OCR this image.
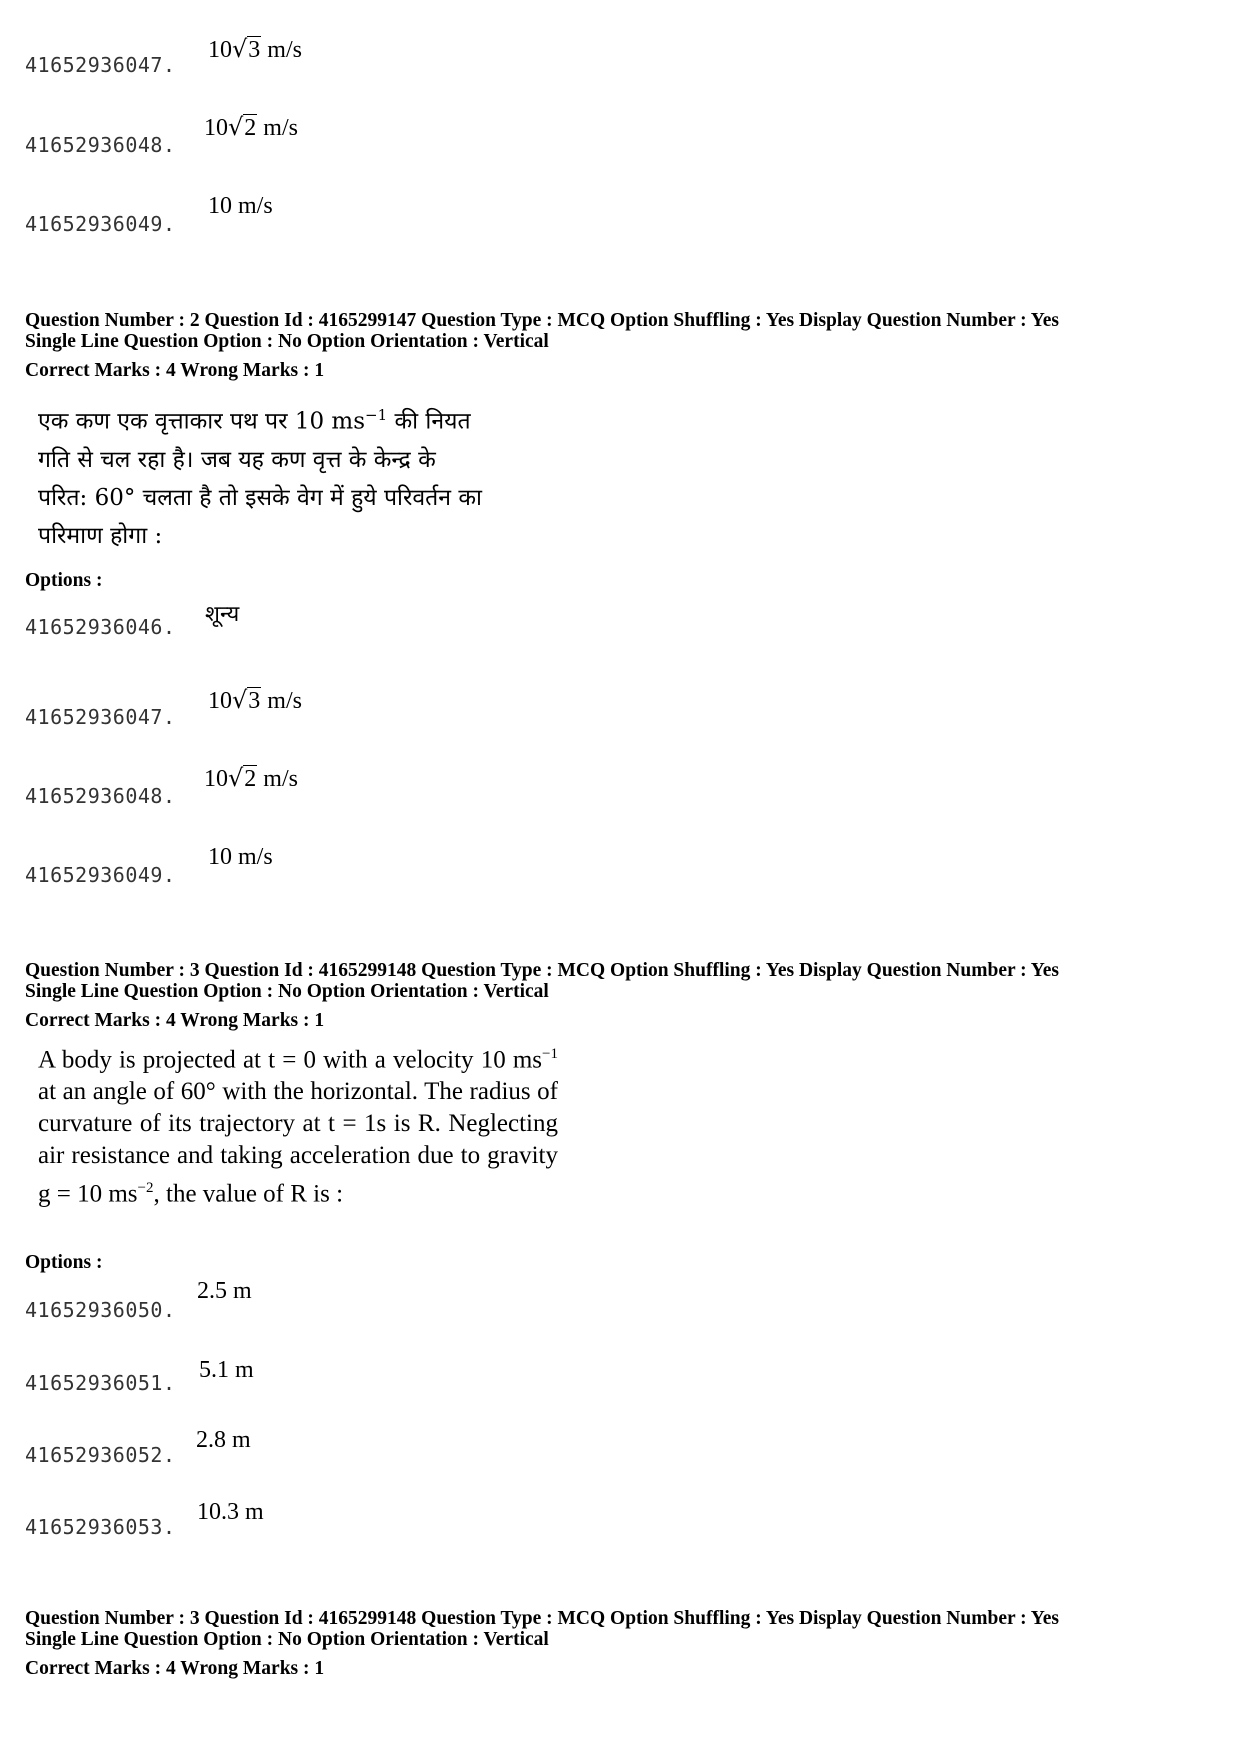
41652936047.
10√3 m/s
41652936048.
10√2 m/s
41652936049.
10 m/s
Question Number : 2 Question Id : 4165299147 Question Type : MCQ Option Shuffling : Yes Display Question Number : Yes
Single Line Question Option : No Option Orientation : Vertical
Correct Marks : 4 Wrong Marks : 1
एक कण एक वृत्ताकार पथ पर 10 $ms^{-1}$ की नियत
गति से चल रहा है। जब यह कण वृत्त के केन्द्र के
परित: 60° चलता है तो इसके वेग में हुये परिवर्तन का
परिमाण होगा :
Options :
41652936046. शून्य
41652936047.
10√3 m/s
41652936048.
10√2 m/s
41652936049.
10 m/s
Question Number : 3 Question Id : 4165299148 Question Type : MCQ Option Shuffling : Yes Display Question Number : Yes
Single Line Question Option : No Option Orientation : Vertical
Correct Marks : 4 Wrong Marks : 1
A body is projected at t = 0 with a velocity 10 $ms^{-1}$ at an angle of 60° with the horizontal. The radius of curvature of its trajectory at t = 1s is R. Neglecting air resistance and taking acceleration due to gravity g = 10 $ms^{-2}$, the value of R is :
Options :
41652936050.
2.5 m
41652936051. 5.1 m
41652936052.
2.8 m
41652936053.
10.3 m
Question Number : 3 Question Id : 4165299148 Question Type : MCQ Option Shuffling : Yes Display Question Number : Yes
Single Line Question Option : No Option Orientation : Vertical
Correct Marks : 4 Wrong Marks : 1
